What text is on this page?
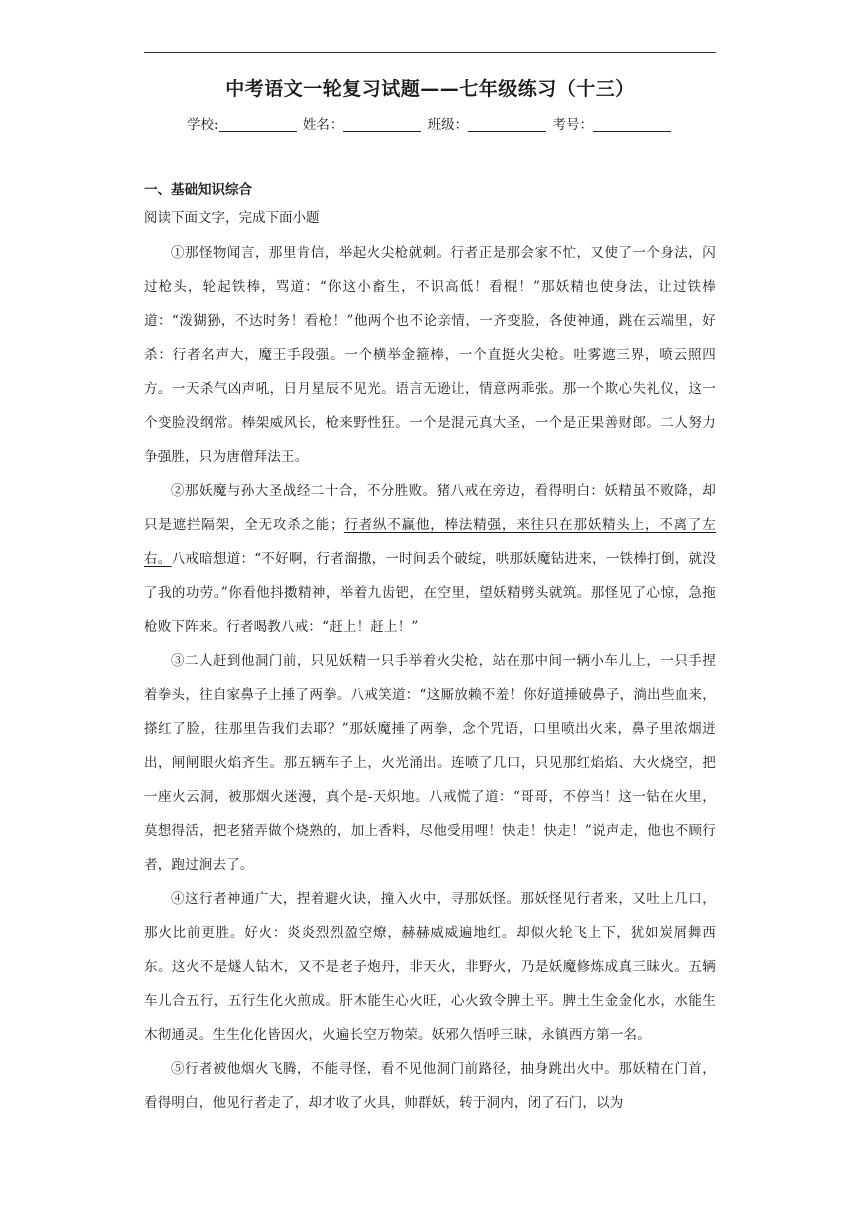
中考语文一轮复习试题——七年级练习（十三）
学校:	姓名：	班级：	考号：

一、基础知识综合

阅读下面文字，完成下面小题

①那怪物闻言，那里肯信，举起火尖枪就刺。行者正是那会家不忙，又使了一个身法，闪过枪头，轮起铁棒，骂道：“你这小畜生，不识高低！看棍！”那妖精也使身法，让过铁棒道：“泼猢狲，不达时务！看枪！”他两个也不论亲情，一齐变脸，各使神通，跳在云端里，好杀：行者名声大，魔王手段强。一个横举金箍棒，一个直挺火尖枪。吐雾遮三界，喷云照四方。一天杀气凶声吼，日月星辰不见光。语言无逊让，情意两乖张。那一个欺心失礼仪，这一个变脸没纲常。棒架威风长，枪来野性狂。一个是混元真大圣，一个是正果善财郎。二人努力争强胜，只为唐僧拜法王。

②那妖魔与孙大圣战经二十合，不分胜败。猪八戒在旁边，看得明白：妖精虽不败降，却只是遮拦隔架，全无攻杀之能；行者纵不赢他，棒法精强，来往只在那妖精头上，不离了左右。八戒暗想道：“不好啊，行者溜撒，一时间丢个破绽，哄那妖魔钻进来，一铁棒打倒，就没了我的功劳。”你看他抖擞精神，举着九齿钯，在空里，望妖精劈头就筑。那怪见了心惊，急拖枪败下阵来。行者喝教八戒：“赶上！赶上！”

③二人赶到他洞门前，只见妖精一只手举着火尖枪，站在那中间一辆小车儿上，一只手捏着拳头，往自家鼻子上捶了两拳。八戒笑道：“这厮放赖不羞！你好道捶破鼻子，淌出些血来，搽红了脸，往那里告我们去耶？”那妖魔捶了两拳，念个咒语，口里喷出火来，鼻子里浓烟迸出，闸闸眼火焰齐生。那五辆车子上，火光涌出。连喷了几口，只见那红焰焰、大火烧空，把一座火云洞，被那烟火迷漫，真个是-天炽地。八戒慌了道：“哥哥，不停当！这一钻在火里，莫想得活，把老猪弄做个烧熟的，加上香料，尽他受用哩！快走！快走！”说声走，他也不顾行者，跑过涧去了。

④这行者神通广大，捏着避火诀，撞入火中，寻那妖怪。那妖怪见行者来，又吐上几口，那火比前更胜。好火：炎炎烈烈盈空燎，赫赫威威遍地红。却似火轮飞上下，犹如炭屑舞西东。这火不是燧人钻木，又不是老子炮丹，非天火，非野火，乃是妖魔修炼成真三昧火。五辆车儿合五行，五行生化火煎成。肝木能生心火旺，心火致令脾土平。脾土生金金化水，水能生木彻通灵。生生化化皆因火，火遍长空万物荣。妖邪久悟呼三昧，永镇西方第一名。

⑤行者被他烟火飞腾，不能寻怪，看不见他洞门前路径，抽身跳出火中。那妖精在门首，看得明白，他见行者走了，却才收了火具，帅群妖，转于洞内，闭了石门，以为
